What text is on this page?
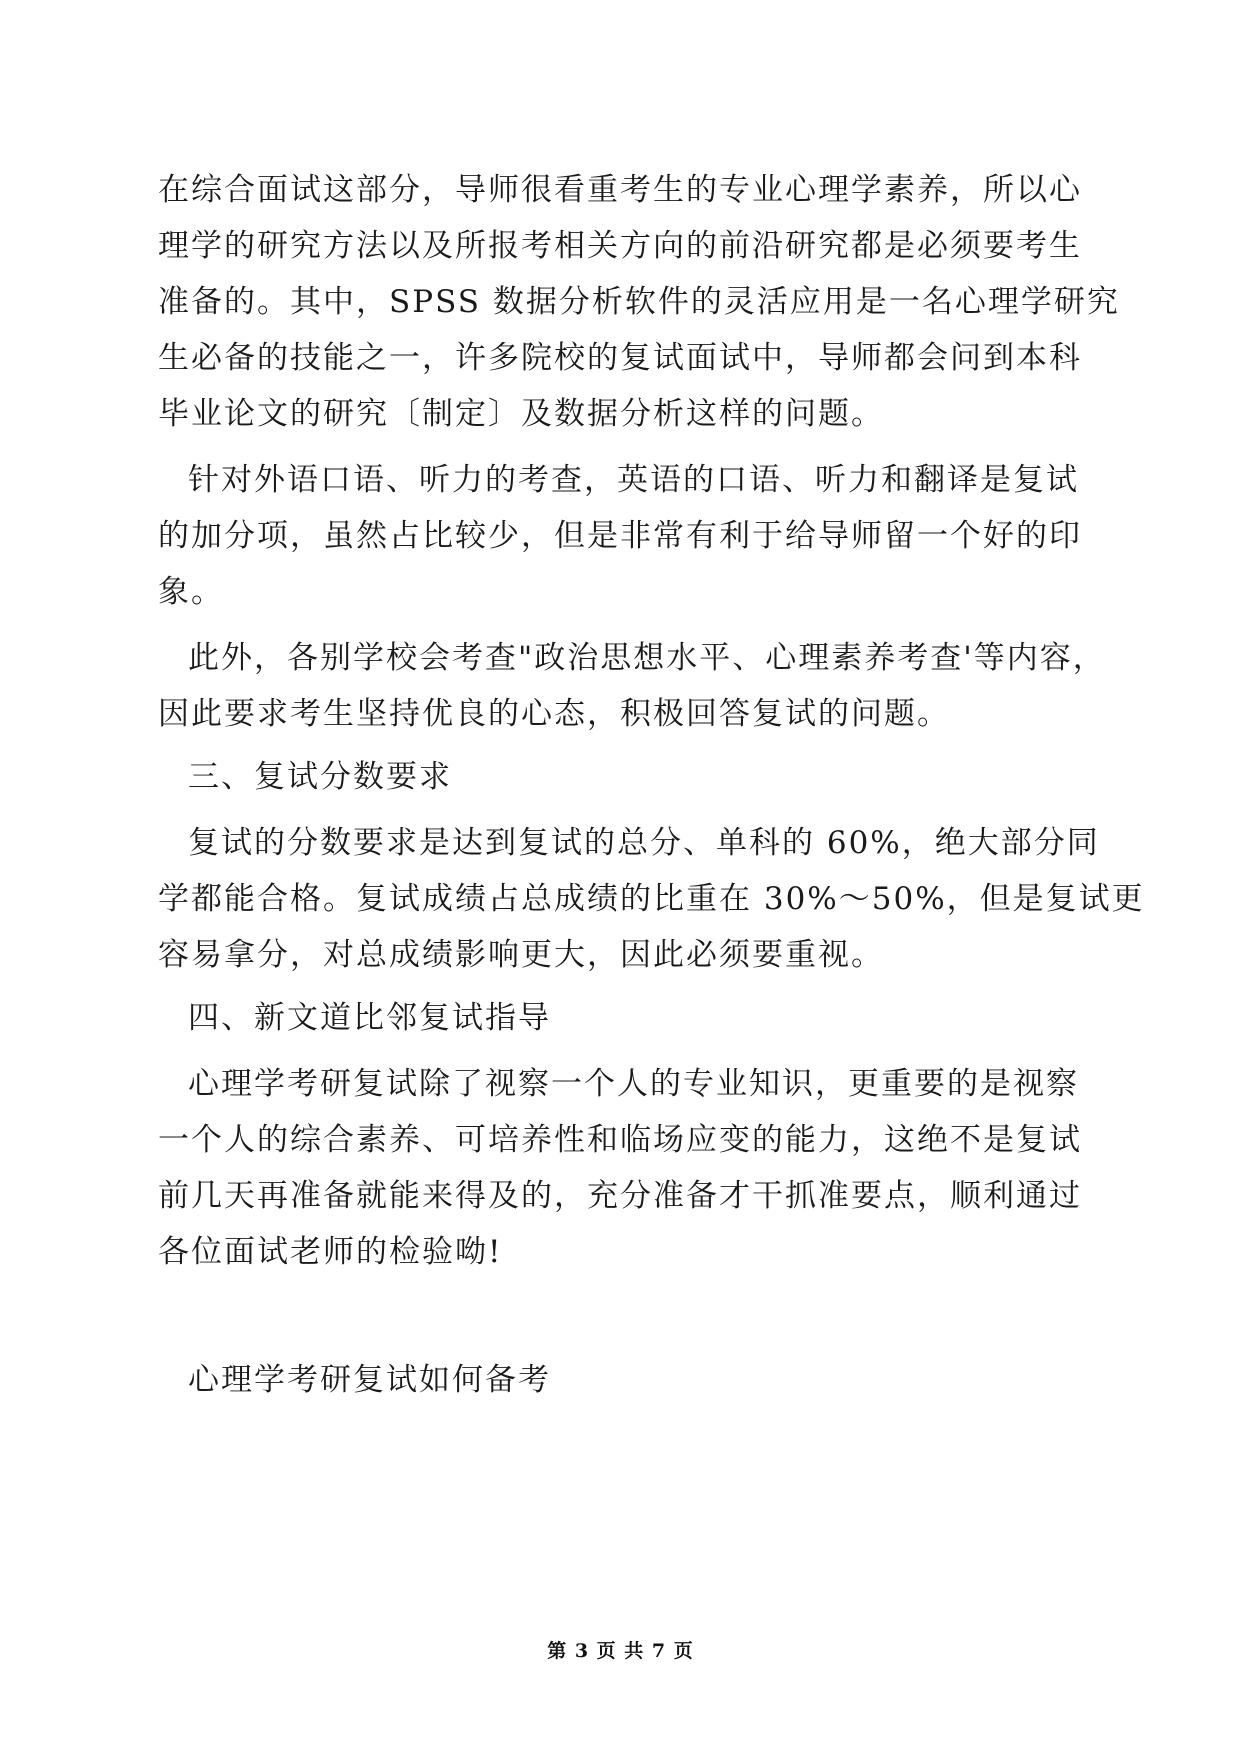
在综合面试这部分，导师很看重考生的专业心理学素养，所以心
理学的研究方法以及所报考相关方向的前沿研究都是必须要考生
准备的。其中，SPSS 数据分析软件的灵活应用是一名心理学研究
生必备的技能之一，许多院校的复试面试中，导师都会问到本科
毕业论文的研究〔制定〕及数据分析这样的问题。
针对外语口语、听力的考查，英语的口语、听力和翻译是复试
的加分项，虽然占比较少，但是非常有利于给导师留一个好的印
象。
此外，各别学校会考查"政治思想水平、心理素养考查'等内容，
因此要求考生坚持优良的心态，积极回答复试的问题。
三、复试分数要求
复试的分数要求是达到复试的总分、单科的 60%，绝大部分同
学都能合格。复试成绩占总成绩的比重在 30%～50%，但是复试更
容易拿分，对总成绩影响更大，因此必须要重视。
四、新文道比邻复试指导
心理学考研复试除了视察一个人的专业知识，更重要的是视察
一个人的综合素养、可培养性和临场应变的能力，这绝不是复试
前几天再准备就能来得及的，充分准备才干抓准要点，顺利通过
各位面试老师的检验呦!
心理学考研复试如何备考
第 3 页 共 7 页
